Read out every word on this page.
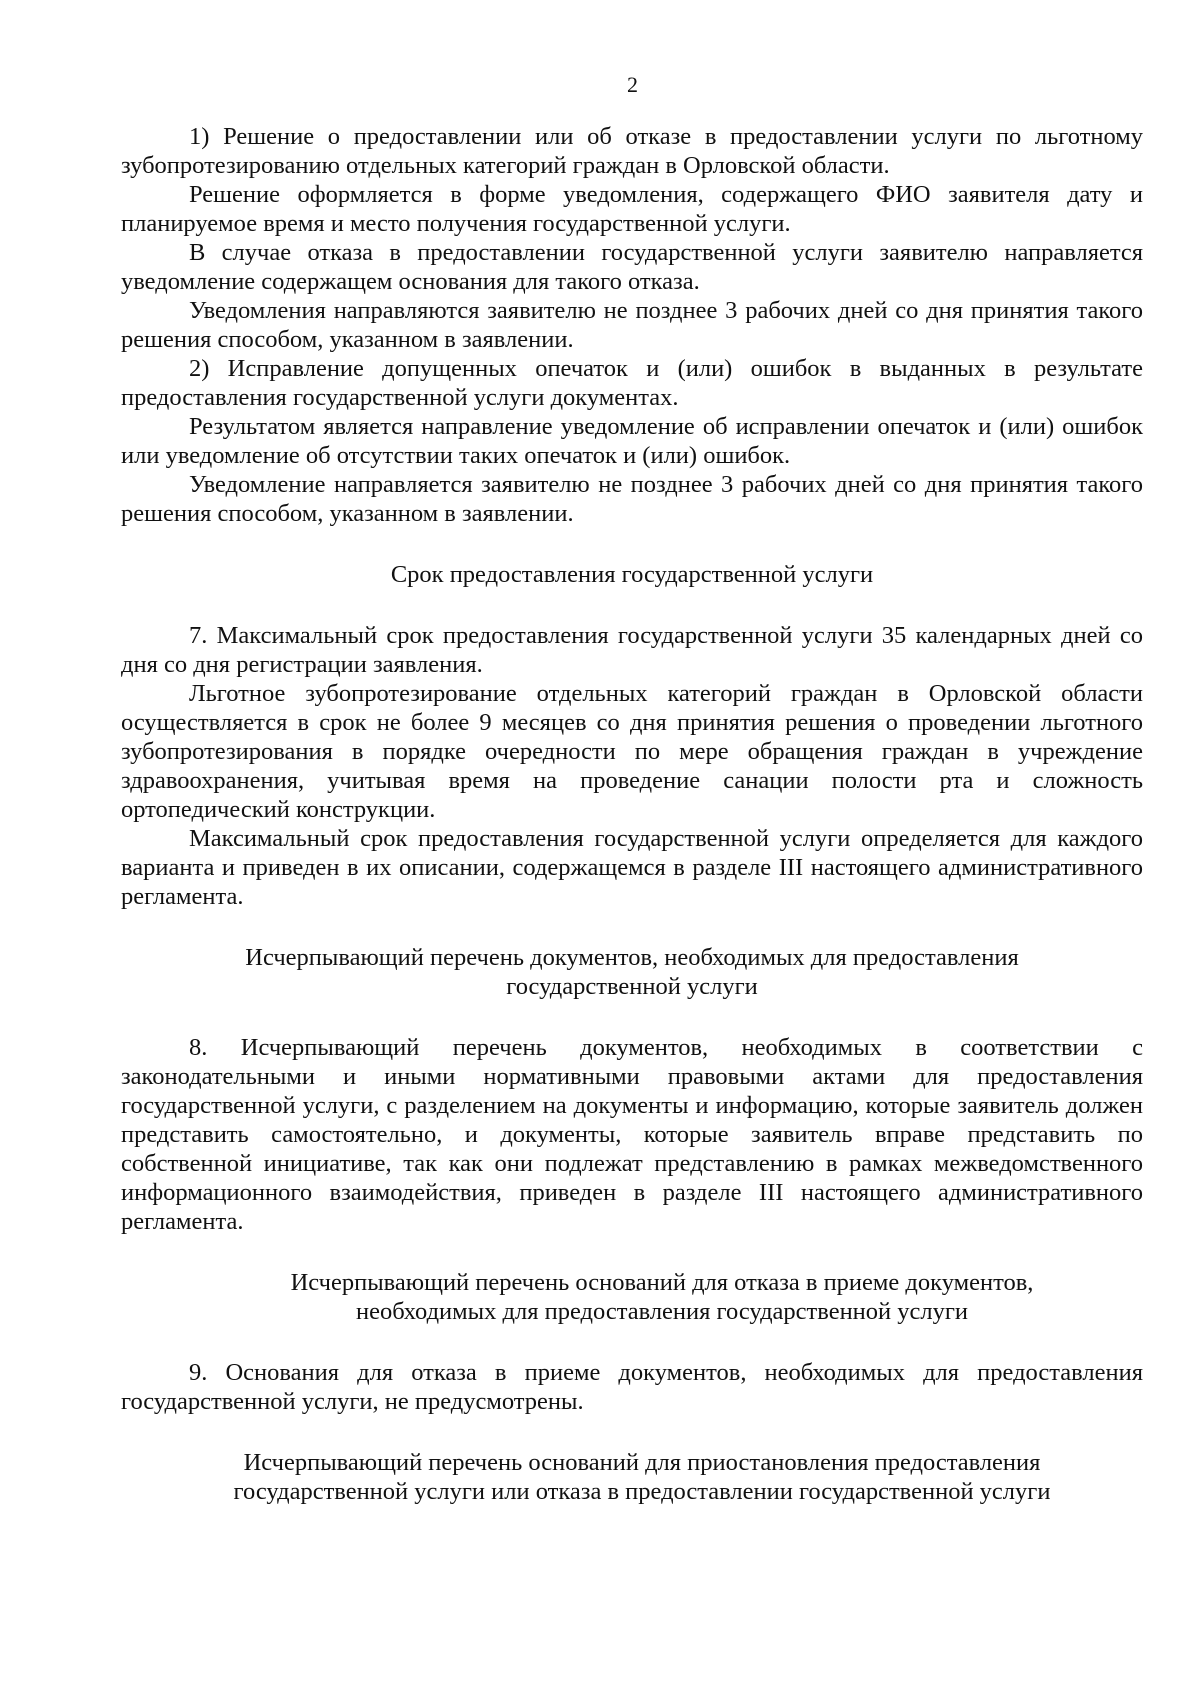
2

1) Решение о предоставлении или об отказе в предоставлении услуги по льготному зубопротезированию отдельных категорий граждан в Орловской области.

Решение оформляется в форме уведомления, содержащего ФИО заявителя дату и планируемое время и место получения государственной услуги.

В случае отказа в предоставлении государственной услуги заявителю направляется уведомление содержащем основания для такого отказа.

Уведомления направляются заявителю не позднее 3 рабочих дней со дня принятия такого решения способом, указанном в заявлении.

2) Исправление допущенных опечаток и (или) ошибок в выданных в результате предоставления государственной услуги документах.

Результатом является направление уведомление об исправлении опечаток и (или) ошибок или уведомление об отсутствии таких опечаток и (или) ошибок.

Уведомление направляется заявителю не позднее 3 рабочих дней со дня принятия такого решения способом, указанном в заявлении.

Срок предоставления государственной услуги

7. Максимальный срок предоставления государственной услуги 35 календарных дней со дня со дня регистрации заявления.

Льготное зубопротезирование отдельных категорий граждан в Орловской области осуществляется в срок не более 9 месяцев со дня принятия решения о проведении льготного зубопротезирования в порядке очередности по мере обращения граждан в учреждение здравоохранения, учитывая время на проведение санации полости рта и сложность ортопедический конструкции.

Максимальный срок предоставления государственной услуги определяется для каждого варианта и приведен в их описании, содержащемся в разделе III настоящего административного регламента.

Исчерпывающий перечень документов, необходимых для предоставления

государственной услуги

8. Исчерпывающий перечень документов, необходимых в соответствии с законодательными и иными нормативными правовыми актами для предоставления государственной услуги, с разделением на документы и информацию, которые заявитель должен представить самостоятельно, и документы, которые заявитель вправе представить по собственной инициативе, так как они подлежат представлению в рамках межведомственного информационного взаимодействия, приведен в разделе III настоящего административного регламента.

Исчерпывающий перечень оснований для отказа в приеме документов,

необходимых для предоставления государственной услуги

9. Основания для отказа в приеме документов, необходимых для предоставления государственной услуги, не предусмотрены.

Исчерпывающий перечень оснований для приостановления предоставления

государственной услуги или отказа в предоставлении государственной услуги
